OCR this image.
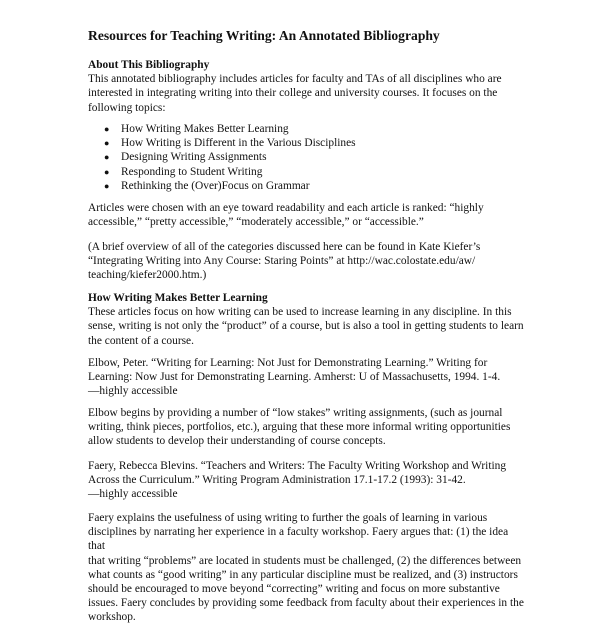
Resources for Teaching Writing: An Annotated Bibliography

About This Bibliography

This annotated bibliography includes articles for faculty and TAs of all disciplines who are

interested in integrating writing into their college and university courses. It focuses on the

following topics:

● How Writing Makes Better Learning
● How Writing is Different in the Various Disciplines
● Designing Writing Assignments
● Responding to Student Writing
● Rethinking the (Over)Focus on Grammar

Articles were chosen with an eye toward readability and each article is ranked: “highly

accessible,” “pretty accessible,” “moderately accessible,” or “accessible.”

(A brief overview of all of the categories discussed here can be found in Kate Kiefer’s

“Integrating Writing into Any Course: Staring Points” at http://wac.colostate.edu/aw/

teaching/kiefer2000.htm.)

How Writing Makes Better Learning

These articles focus on how writing can be used to increase learning in any discipline. In this

sense, writing is not only the “product” of a course, but is also a tool in getting students to learn

the content of a course.

Elbow, Peter. “Writing for Learning: Not Just for Demonstrating Learning.” Writing for

Learning: Now Just for Demonstrating Learning. Amherst: U of Massachusetts, 1994. 1-4.

—highly accessible

Elbow begins by providing a number of “low stakes” writing assignments, (such as journal

writing, think pieces, portfolios, etc.), arguing that these more informal writing opportunities

allow students to develop their understanding of course concepts.

Faery, Rebecca Blevins. “Teachers and Writers: The Faculty Writing Workshop and Writing

Across the Curriculum.” Writing Program Administration 17.1-17.2 (1993): 31-42.

—highly accessible

Faery explains the usefulness of using writing to further the goals of learning in various

disciplines by narrating her experience in a faculty workshop. Faery argues that: (1) the idea that

that writing “problems” are located in students must be challenged, (2) the differences between

what counts as “good writing” in any particular discipline must be realized, and (3) instructors

should be encouraged to move beyond “correcting” writing and focus on more substantive

issues. Faery concludes by providing some feedback from faculty about their experiences in the

workshop.
